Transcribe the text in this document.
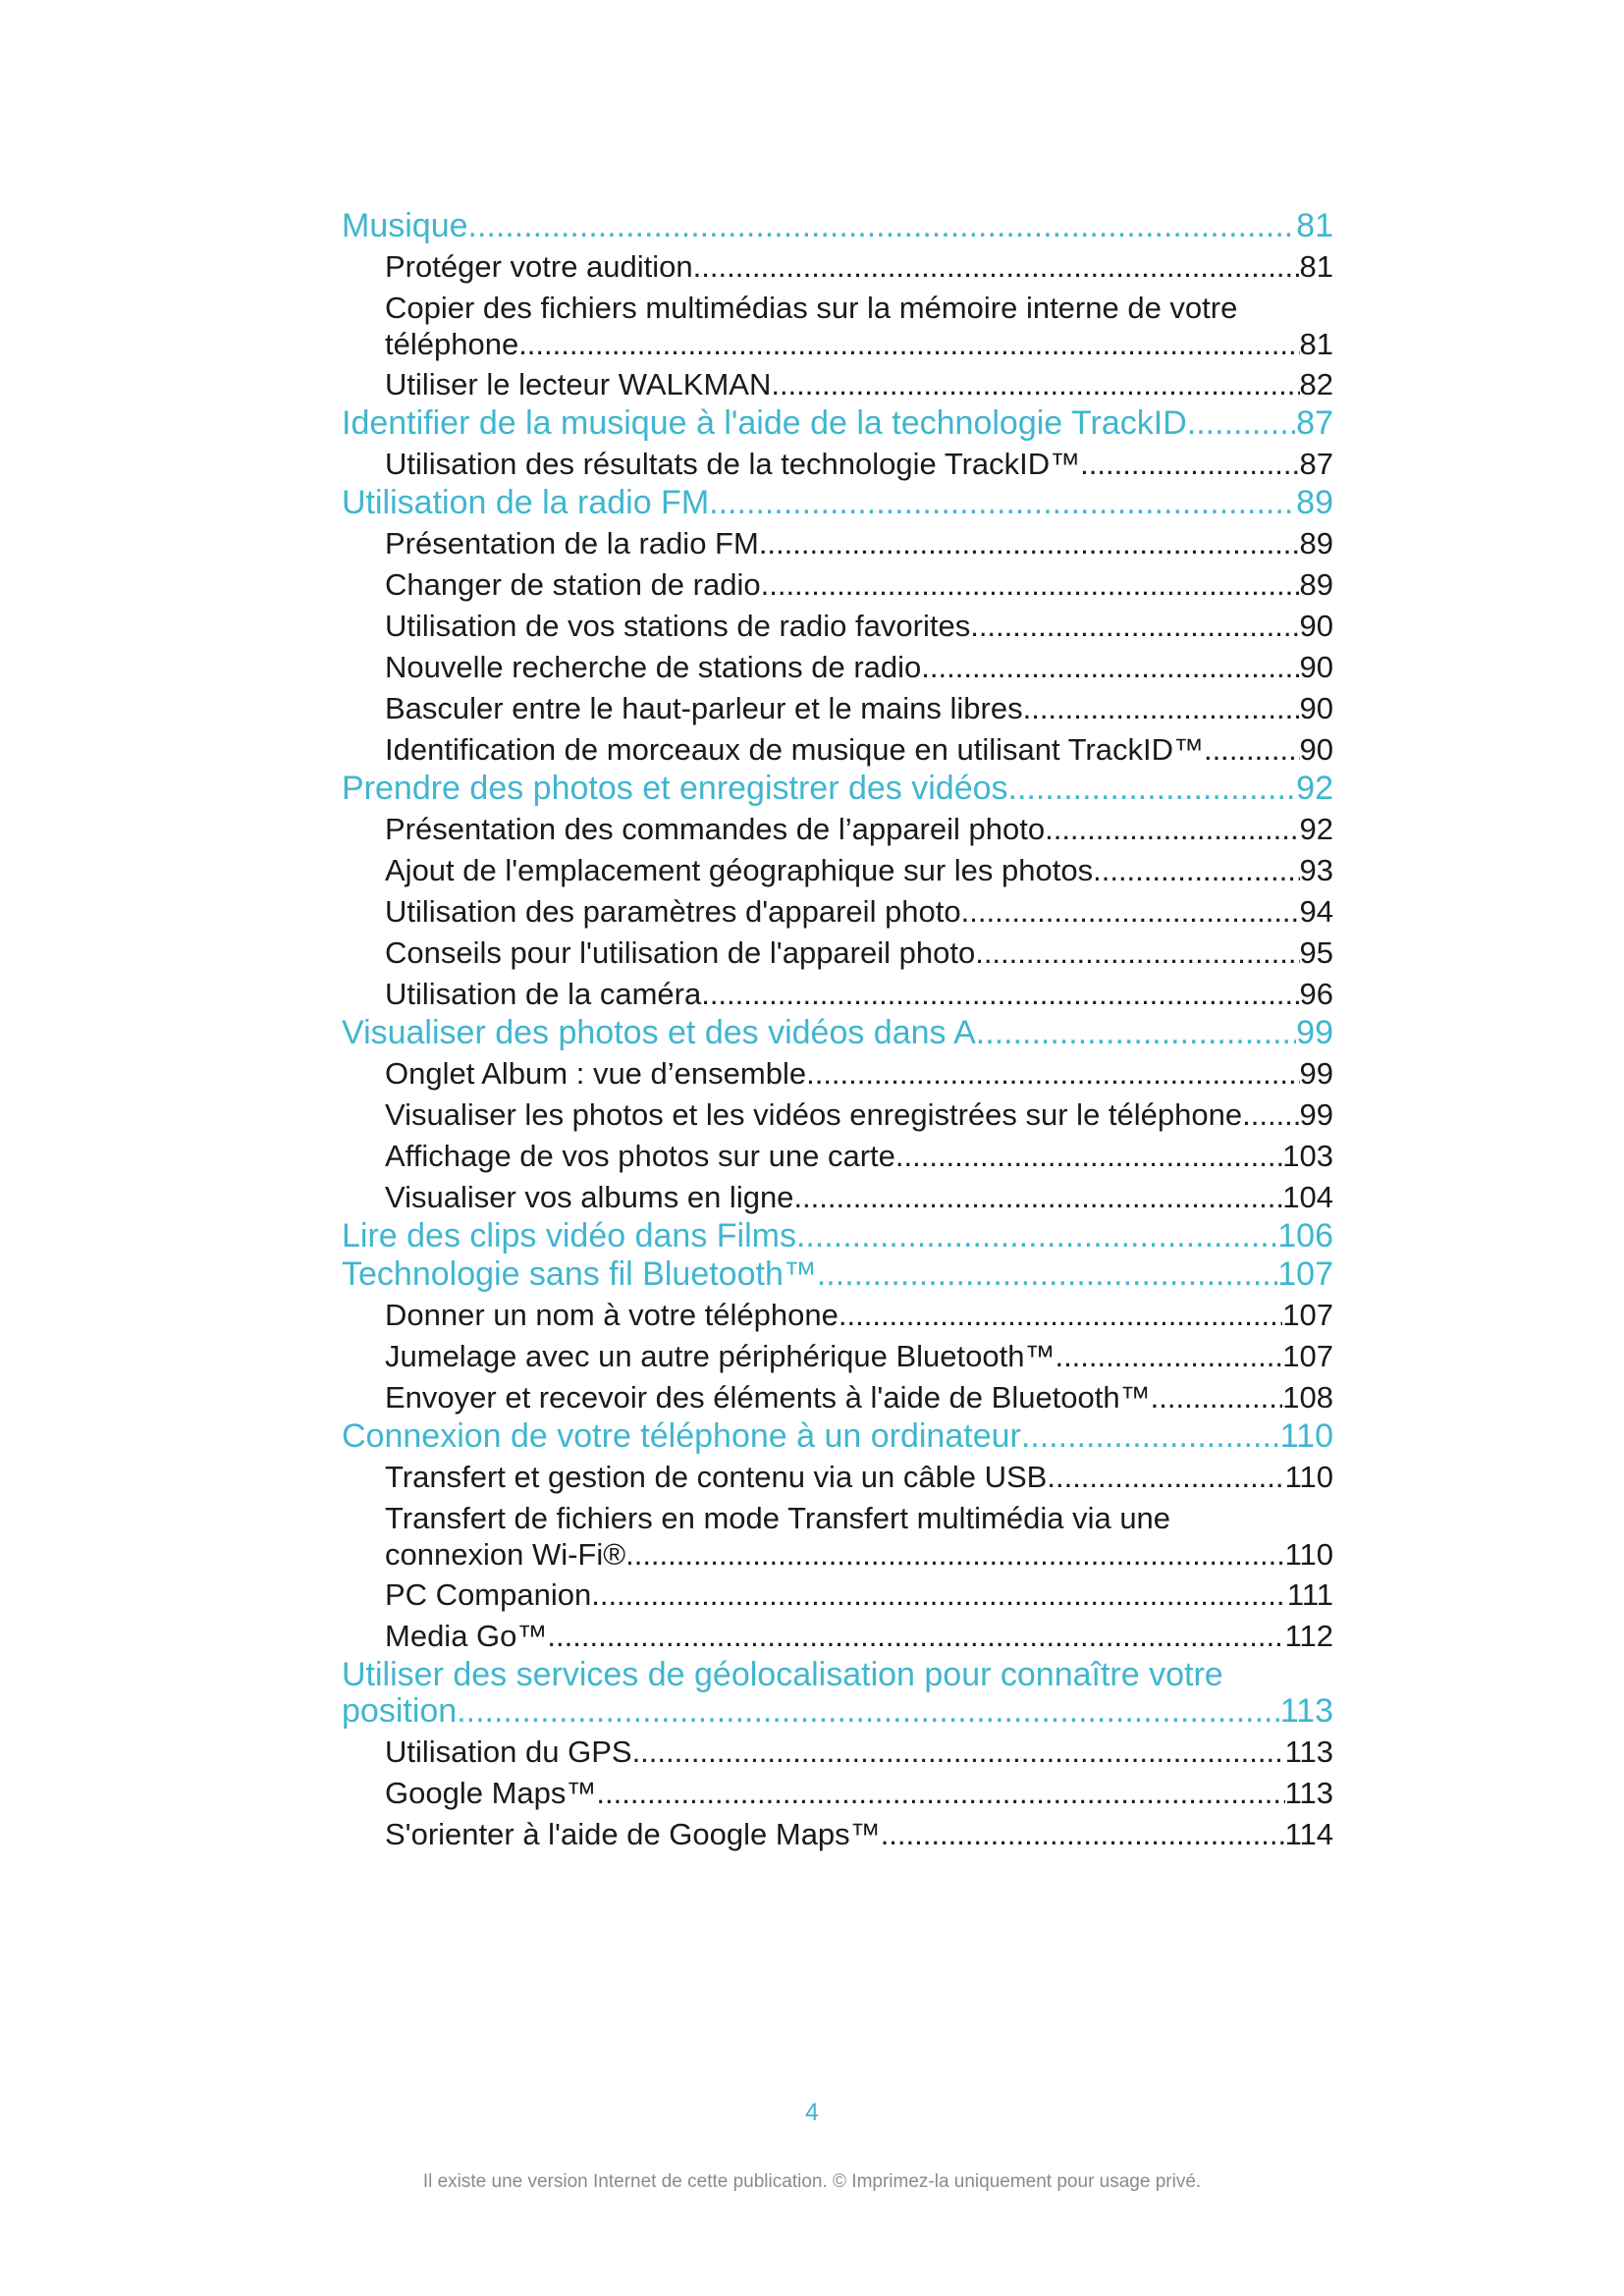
Musique .....	81
Protéger votre audition .....	81
Copier des fichiers multimédias sur la mémoire interne de votre
téléphone .....	81
Utiliser le lecteur WALKMAN .....	82
Identifier de la musique à l'aide de la technologie TrackID .....	87
Utilisation des résultats de la technologie TrackID™ .....	87
Utilisation de la radio FM .....	89
Présentation de la radio FM .....	89
Changer de station de radio .....	89
Utilisation de vos stations de radio favorites .....	90
Nouvelle recherche de stations de radio .....	90
Basculer entre le haut-parleur et le mains libres .....	90
Identification de morceaux de musique en utilisant TrackID™ .....	90
Prendre des photos et enregistrer des vidéos .....	92
Présentation des commandes de l’appareil photo .....	92
Ajout de l'emplacement géographique sur les photos .....	93
Utilisation des paramètres d'appareil photo .....	94
Conseils pour l'utilisation de l'appareil photo .....	95
Utilisation de la caméra .....	96
Visualiser des photos et des vidéos dans A .....	99
Onglet Album : vue d’ensemble .....	99
Visualiser les photos et les vidéos enregistrées sur le téléphone ..... 99
Affichage de vos photos sur une carte .....	103
Visualiser vos albums en ligne .....	104
Lire des clips vidéo dans Films .....	106
Technologie sans fil Bluetooth™ .....	107
Donner un nom à votre téléphone .....	107
Jumelage avec un autre périphérique Bluetooth™ .....	107
Envoyer et recevoir des éléments à l'aide de Bluetooth™ .....	108
Connexion de votre téléphone à un ordinateur .....	110
Transfert et gestion de contenu via un câble USB .....	110
Transfert de fichiers en mode Transfert multimédia via une
connexion Wi-Fi® .....	110
PC Companion .....	111
Media Go™ .....	112
Utiliser des services de géolocalisation pour connaître votre
position .....	113
Utilisation du GPS .....	113
Google Maps™ .....	113
S'orienter à l'aide de Google Maps™ .....	114
4
Il existe une version Internet de cette publication. © Imprimez-la uniquement pour usage privé.
